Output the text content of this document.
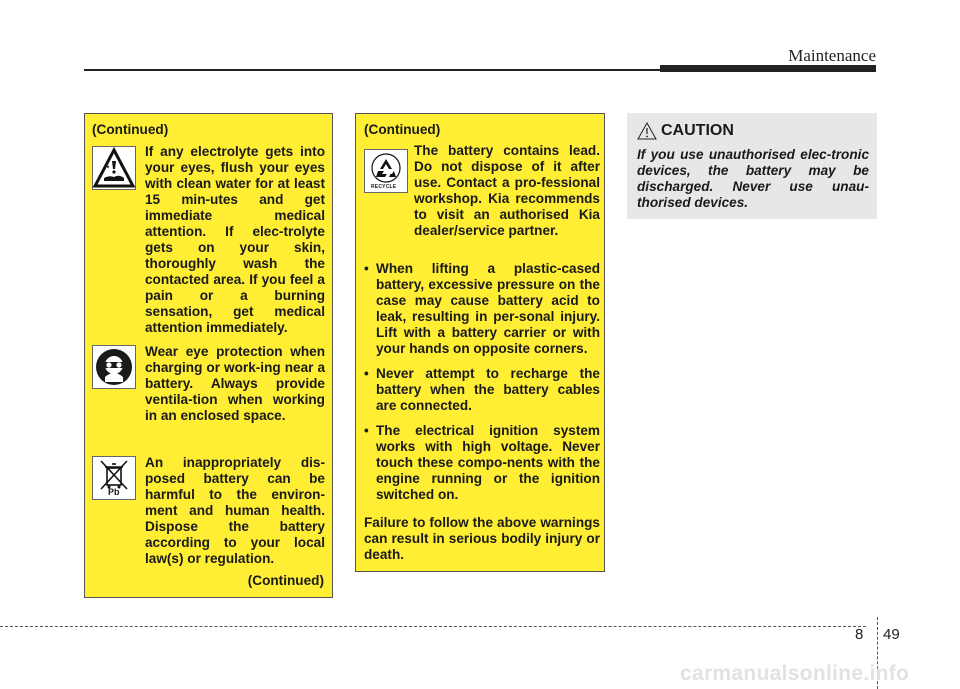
Maintenance
(Continued)
If any electrolyte gets into your eyes, flush your eyes with clean water for at least 15 min-utes and get immediate medical attention. If elec-trolyte gets on your skin, thoroughly wash the contacted area. If you feel a pain or a burning sensation, get medical attention immediately.
Wear eye protection when charging or work-ing near a battery. Always provide ventila-tion when working in an enclosed space.
Pb
An inappropriately dis-posed battery can be harmful to the environ-ment and human health. Dispose the battery according to your local law(s) or regulation.
(Continued)
(Continued)
RECYCLE
The battery contains lead. Do not dispose of it after use. Contact a pro-fessional workshop. Kia recommends to visit an authorised Kia dealer/service partner.
• When lifting a plastic-cased battery, excessive pressure on the case may cause battery acid to leak, resulting in per-sonal injury. Lift with a battery carrier or with your hands on opposite corners.
• Never attempt to recharge the battery when the battery cables are connected.
• The electrical ignition system works with high voltage. Never touch these compo-nents with the engine running or the ignition switched on.
Failure to follow the above warnings can result in serious bodily injury or death.
CAUTION
If you use unauthorised elec-tronic devices, the battery may be discharged. Never use unau-thorised devices.
8 49
carmanualsonline.info
